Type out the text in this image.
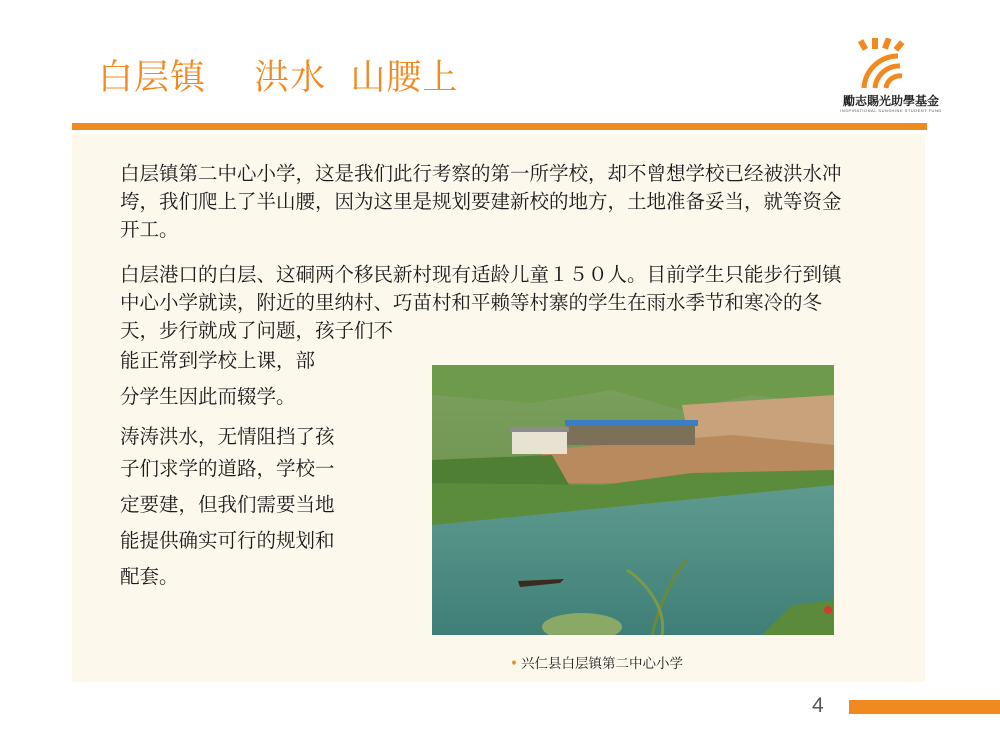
白层镇　 洪水  山腰上
勵志賜光助學基金
INSPIRATIONAL SUNSHINE STUDENT FUND

白层镇第二中心小学，这是我们此行考察的第一所学校，却不曾想学校已经被洪水冲垮，我们爬上了半山腰，因为这里是规划要建新校的地方，土地准备妥当，就等资金开工。

白层港口的白层、这硐两个移民新村现有适龄儿童１５０人。目前学生只能步行到镇中心小学就读，附近的里纳村、巧苗村和平赖等村寨的学生在雨水季节和寒冷的冬天，步行就成了问题，孩子们不

能正常到学校上课，部
分学生因此而辍学。
涛涛洪水，无情阻挡了孩
子们求学的道路，学校一
定要建，但我们需要当地
能提供确实可行的规划和
配套。
• 兴仁县白层镇第二中心小学
4
